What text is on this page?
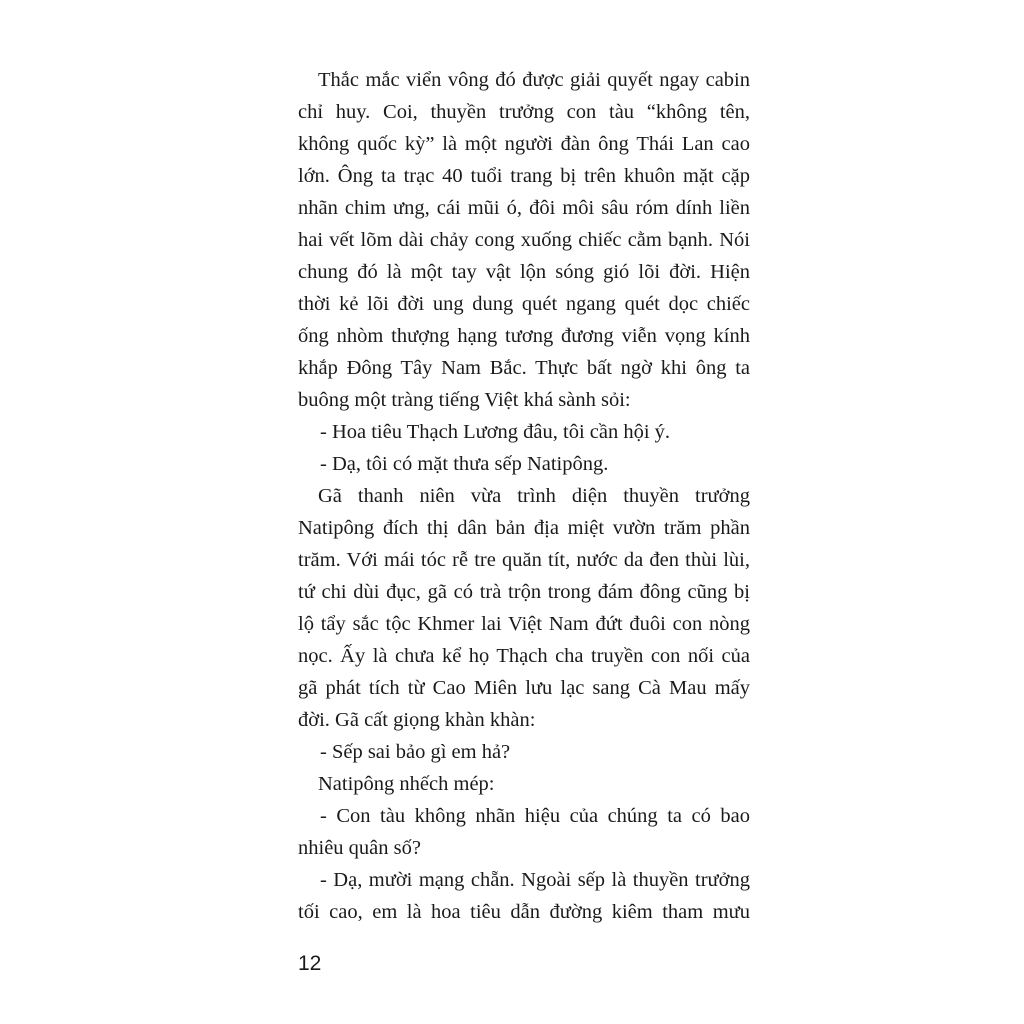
Thắc mắc viển vông đó được giải quyết ngay cabin
chỉ huy. Coi, thuyền trưởng con tàu “không tên,
không quốc kỳ” là một người đàn ông Thái Lan cao
lớn. Ông ta trạc 40 tuổi trang bị trên khuôn mặt cặp
nhãn chim ưng, cái mũi ó, đôi môi sâu róm dính liền
hai vết lõm dài chảy cong xuống chiếc cằm bạnh. Nói
chung đó là một tay vật lộn sóng gió lõi đời. Hiện
thời kẻ lõi đời ung dung quét ngang quét dọc chiếc
ống nhòm thượng hạng tương đương viễn vọng kính
khắp Đông Tây Nam Bắc. Thực bất ngờ khi ông ta
buông một tràng tiếng Việt khá sành sỏi:
- Hoa tiêu Thạch Lương đâu, tôi cần hội ý.
- Dạ, tôi có mặt thưa sếp Natipông.
Gã thanh niên vừa trình diện thuyền trưởng
Natipông đích thị dân bản địa miệt vườn trăm phần
trăm. Với mái tóc rễ tre quăn tít, nước da đen thùi lùi,
tứ chi dùi đục, gã có trà trộn trong đám đông cũng bị
lộ tẩy sắc tộc Khmer lai Việt Nam đứt đuôi con nòng
nọc. Ấy là chưa kể họ Thạch cha truyền con nối của
gã phát tích từ Cao Miên lưu lạc sang Cà Mau mấy
đời. Gã cất giọng khàn khàn:
- Sếp sai bảo gì em hả?
Natipông nhếch mép:
- Con tàu không nhãn hiệu của chúng ta có bao
nhiêu quân số?
- Dạ, mười mạng chẵn. Ngoài sếp là thuyền trưởng
tối cao, em là hoa tiêu dẫn đường kiêm tham mưu
12
